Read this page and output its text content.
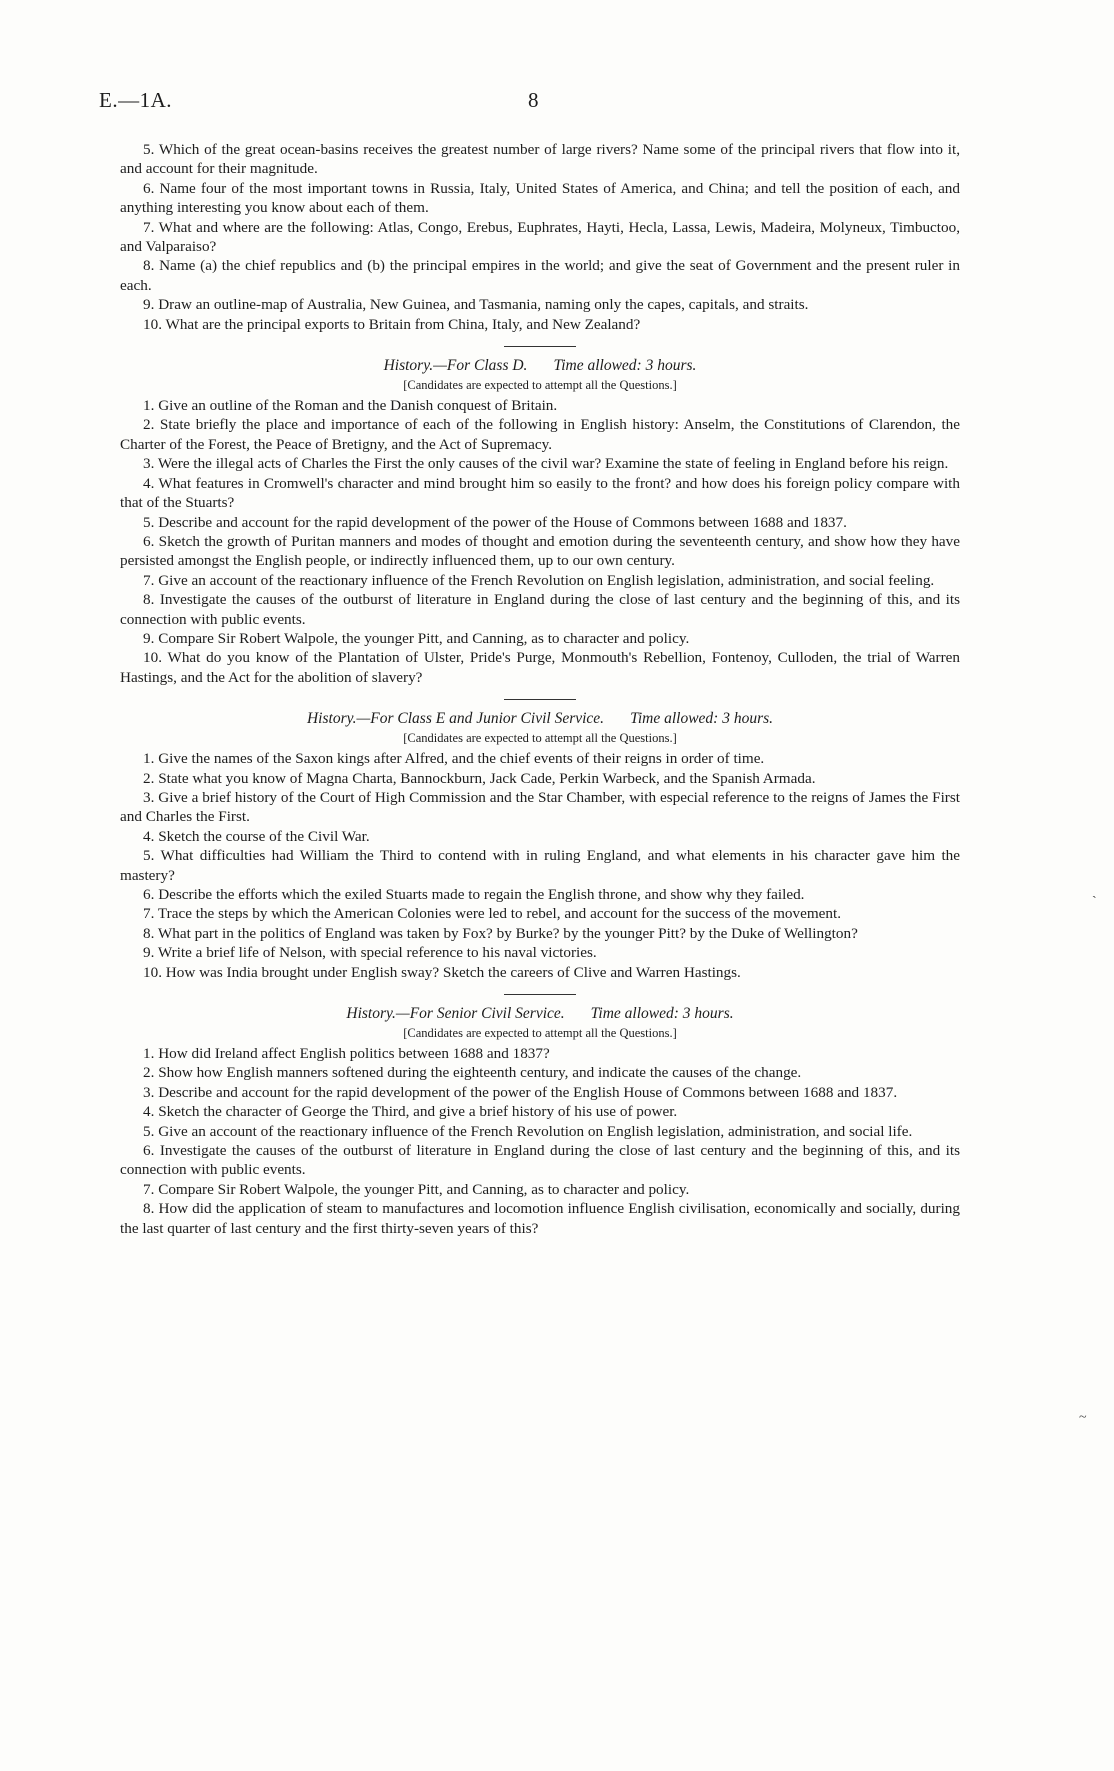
E.—1A.	8

5. Which of the great ocean-basins receives the greatest number of large rivers? Name some of the principal rivers that flow into it, and account for their magnitude.

6. Name four of the most important towns in Russia, Italy, United States of America, and China; and tell the position of each, and anything interesting you know about each of them.

7. What and where are the following: Atlas, Congo, Erebus, Euphrates, Hayti, Hecla, Lassa, Lewis, Madeira, Molyneux, Timbuctoo, and Valparaiso?

8. Name (a) the chief republics and (b) the principal empires in the world; and give the seat of Government and the present ruler in each.

9. Draw an outline-map of Australia, New Guinea, and Tasmania, naming only the capes, capitals, and straits.

10. What are the principal exports to Britain from China, Italy, and New Zealand?

History.—For Class D. Time allowed: 3 hours.
[Candidates are expected to attempt all the Questions.]

1. Give an outline of the Roman and the Danish conquest of Britain.

2. State briefly the place and importance of each of the following in English history: Anselm, the Constitutions of Clarendon, the Charter of the Forest, the Peace of Bretigny, and the Act of Supremacy.

3. Were the illegal acts of Charles the First the only causes of the civil war? Examine the state of feeling in England before his reign.

4. What features in Cromwell's character and mind brought him so easily to the front? and how does his foreign policy compare with that of the Stuarts?

5. Describe and account for the rapid development of the power of the House of Commons between 1688 and 1837.

6. Sketch the growth of Puritan manners and modes of thought and emotion during the seventeenth century, and show how they have persisted amongst the English people, or indirectly influenced them, up to our own century.

7. Give an account of the reactionary influence of the French Revolution on English legislation, administration, and social feeling.

8. Investigate the causes of the outburst of literature in England during the close of last century and the beginning of this, and its connection with public events.

9. Compare Sir Robert Walpole, the younger Pitt, and Canning, as to character and policy.

10. What do you know of the Plantation of Ulster, Pride's Purge, Monmouth's Rebellion, Fontenoy, Culloden, the trial of Warren Hastings, and the Act for the abolition of slavery?

History.—For Class E and Junior Civil Service. Time allowed: 3 hours.
[Candidates are expected to attempt all the Questions.]

1. Give the names of the Saxon kings after Alfred, and the chief events of their reigns in order of time.

2. State what you know of Magna Charta, Bannockburn, Jack Cade, Perkin Warbeck, and the Spanish Armada.

3. Give a brief history of the Court of High Commission and the Star Chamber, with especial reference to the reigns of James the First and Charles the First.

4. Sketch the course of the Civil War.

5. What difficulties had William the Third to contend with in ruling England, and what elements in his character gave him the mastery?

6. Describe the efforts which the exiled Stuarts made to regain the English throne, and show why they failed.

7. Trace the steps by which the American Colonies were led to rebel, and account for the success of the movement.

8. What part in the politics of England was taken by Fox? by Burke? by the younger Pitt? by the Duke of Wellington?

9. Write a brief life of Nelson, with special reference to his naval victories.

10. How was India brought under English sway? Sketch the careers of Clive and Warren Hastings.

History.—For Senior Civil Service. Time allowed: 3 hours.
[Candidates are expected to attempt all the Questions.]

1. How did Ireland affect English politics between 1688 and 1837?

2. Show how English manners softened during the eighteenth century, and indicate the causes of the change.

3. Describe and account for the rapid development of the power of the English House of Commons between 1688 and 1837.

4. Sketch the character of George the Third, and give a brief history of his use of power.

5. Give an account of the reactionary influence of the French Revolution on English legislation, administration, and social life.

6. Investigate the causes of the outburst of literature in England during the close of last century and the beginning of this, and its connection with public events.

7. Compare Sir Robert Walpole, the younger Pitt, and Canning, as to character and policy.

8. How did the application of steam to manufactures and locomotion influence English civilisation, economically and socially, during the last quarter of last century and the first thirty-seven years of this?

ˏ
~
